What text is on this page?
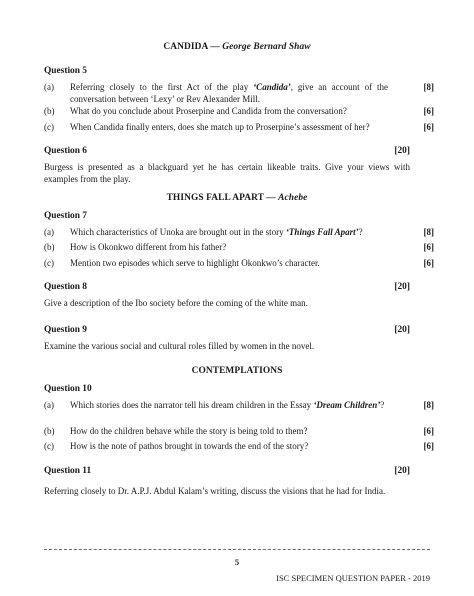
CANDIDA — George Bernard Shaw
Question 5
(a) Referring closely to the first Act of the play ‘Candida’, give an account of the conversation between ‘Lexy’ or Rev Alexander Mill.
[8]
(b) What do you conclude about Proserpine and Candida from the conversation?	[6]
(c) When Candida finally enters, does she match up to Proserpine’s assessment of her?	[6]
Question 6	[20]
Burgess is presented as a blackguard yet he has certain likeable traits. Give your views with examples from the play.
THINGS FALL APART — Achebe
Question 7
(a) Which characteristics of Unoka are brought out in the story ‘Things Fall Apart’?	[8]
(b) How is Okonkwo different from his father?	[6]
(c) Mention two episodes which serve to highlight Okonkwo’s character.	[6]
Question 8	[20]
Give a description of the Ibo society before the coming of the white man.
Question 9	[20]
Examine the various social and cultural roles filled by women in the novel.
CONTEMPLATIONS
Question 10
(a) Which stories does the narrator tell his dream children in the Essay ‘Dream Children’?	[8]
(b) How do the children behave while the story is being told to them?	[6]
(c) How is the note of pathos brought in towards the end of the story?	[6]
Question 11	[20]
Referring closely to Dr. A.P.J. Abdul Kalam’s writing, discuss the visions that he had for India.
5
ISC SPECIMEN QUESTION PAPER - 2019
